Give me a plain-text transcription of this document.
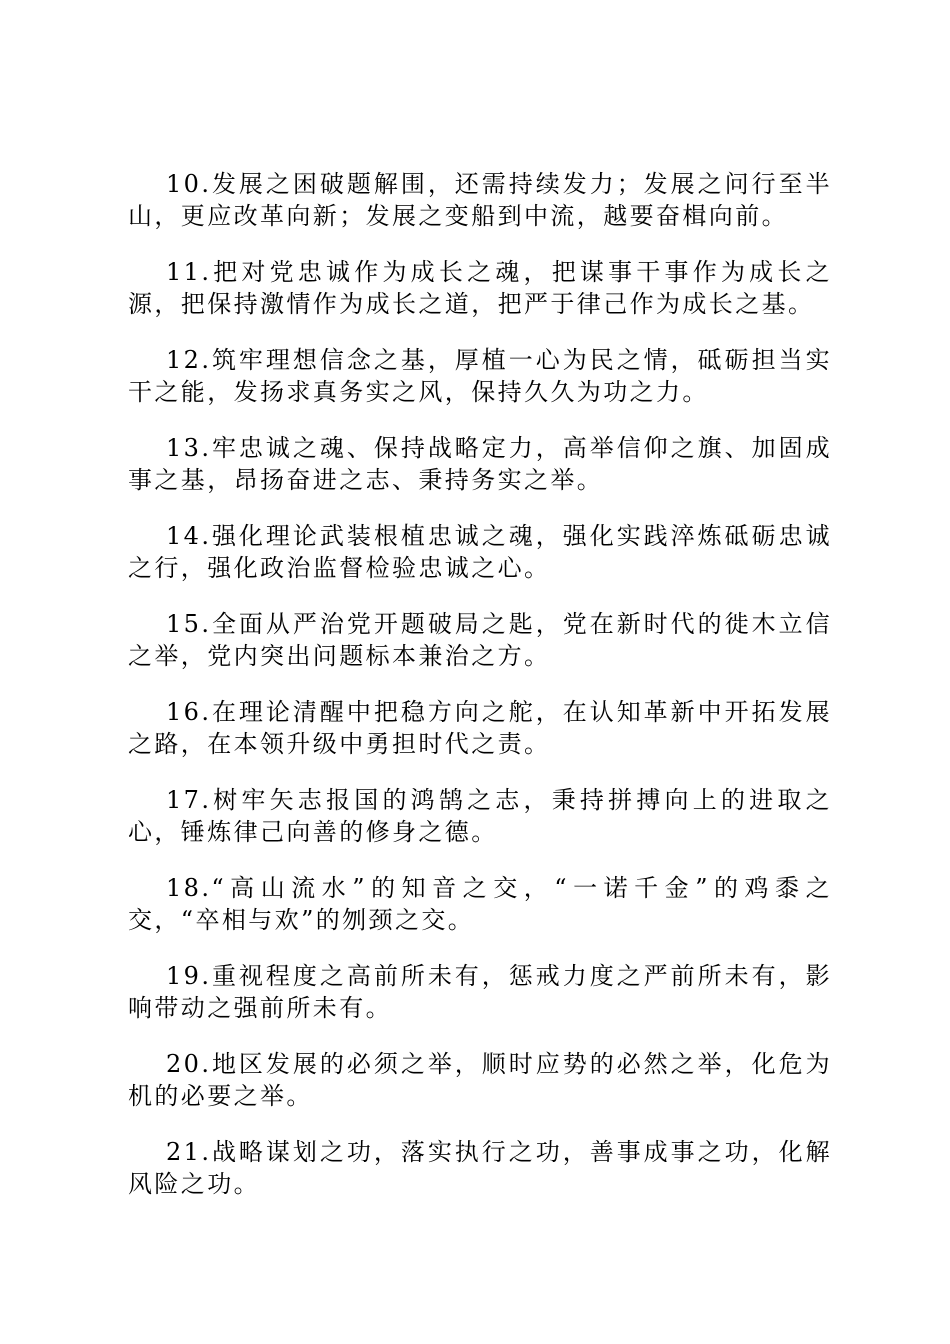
10.发展之困破题解围，还需持续发力；发展之问行至半山，更应改革向新；发展之变船到中流，越要奋楫向前。

11.把对党忠诚作为成长之魂，把谋事干事作为成长之源，把保持激情作为成长之道，把严于律己作为成长之基。

12.筑牢理想信念之基，厚植一心为民之情，砥砺担当实干之能，发扬求真务实之风，保持久久为功之力。

13.牢忠诚之魂、保持战略定力，高举信仰之旗、加固成事之基，昂扬奋进之志、秉持务实之举。

14.强化理论武装根植忠诚之魂，强化实践淬炼砥砺忠诚之行，强化政治监督检验忠诚之心。

15.全面从严治党开题破局之匙，党在新时代的徙木立信之举，党内突出问题标本兼治之方。

16.在理论清醒中把稳方向之舵，在认知革新中开拓发展之路，在本领升级中勇担时代之责。

17.树牢矢志报国的鸿鹄之志，秉持拼搏向上的进取之心，锤炼律己向善的修身之德。

18.“高山流水”的知音之交，“一诺千金”的鸡黍之交，“卒相与欢”的刎颈之交。

19.重视程度之高前所未有，惩戒力度之严前所未有，影响带动之强前所未有。

20.地区发展的必须之举，顺时应势的必然之举，化危为机的必要之举。

21.战略谋划之功，落实执行之功，善事成事之功，化解风险之功。
